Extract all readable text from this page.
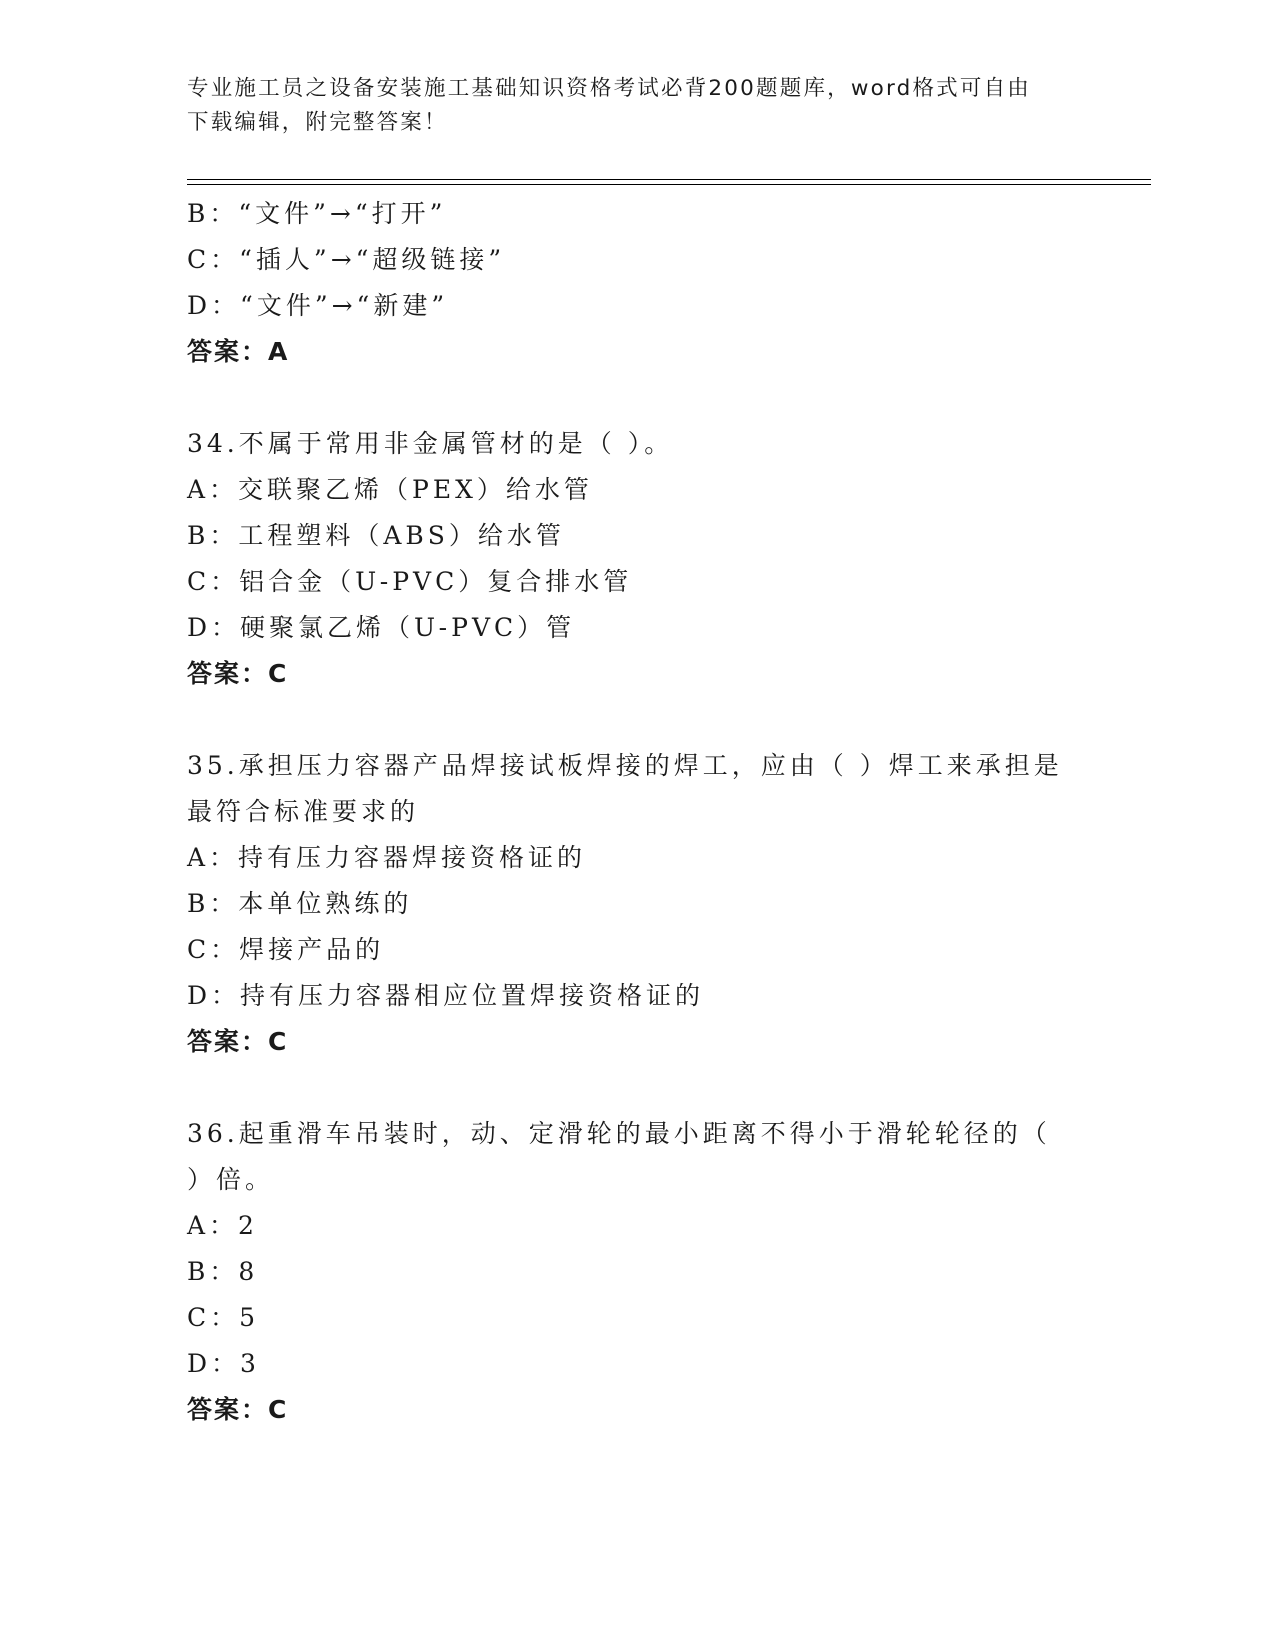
专业施工员之设备安装施工基础知识资格考试必背200题题库，word格式可自由
下载编辑，附完整答案！
B：“文件”→“打开”
C：“插人”→“超级链接”
D：“文件”→“新建”
答案：A
34.不属于常用非金属管材的是（ ）。
A：交联聚乙烯（PEX）给水管
B：工程塑料（ABS）给水管
C：铝合金（U-PVC）复合排水管
D：硬聚氯乙烯（U-PVC）管
答案：C
35.承担压力容器产品焊接试板焊接的焊工，应由（ ）焊工来承担是
最符合标准要求的
A：持有压力容器焊接资格证的
B：本单位熟练的
C：焊接产品的
D：持有压力容器相应位置焊接资格证的
答案：C
36.起重滑车吊装时，动、定滑轮的最小距离不得小于滑轮轮径的（
）倍。
A：2
B：8
C：5
D：3
答案：C
